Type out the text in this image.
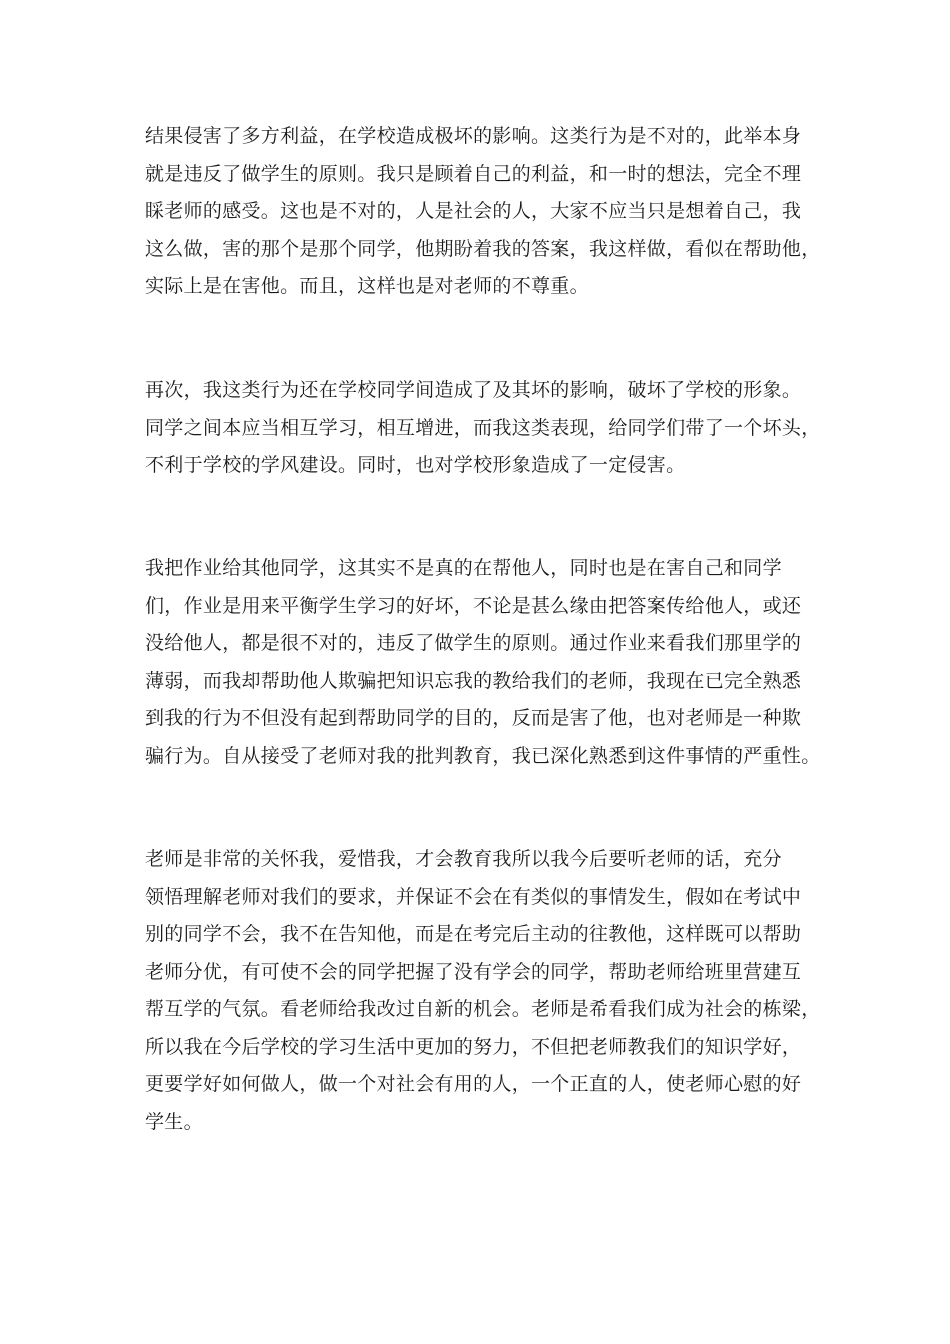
结果侵害了多方利益，在学校造成极坏的影响。这类行为是不对的，此举本身
就是违反了做学生的原则。我只是顾着自己的利益，和一时的想法，完全不理
睬老师的感受。这也是不对的，人是社会的人，大家不应当只是想着自己，我
这么做，害的那个是那个同学，他期盼着我的答案，我这样做，看似在帮助他，
实际上是在害他。而且，这样也是对老师的不尊重。

再次，我这类行为还在学校同学间造成了及其坏的影响，破坏了学校的形象。
同学之间本应当相互学习，相互增进，而我这类表现，给同学们带了一个坏头，
不利于学校的学风建设。同时，也对学校形象造成了一定侵害。

我把作业给其他同学，这其实不是真的在帮他人，同时也是在害自己和同学
们，作业是用来平衡学生学习的好坏，不论是甚么缘由把答案传给他人，或还
没给他人，都是很不对的，违反了做学生的原则。通过作业来看我们那里学的
薄弱，而我却帮助他人欺骗把知识忘我的教给我们的老师，我现在已完全熟悉
到我的行为不但没有起到帮助同学的目的，反而是害了他，也对老师是一种欺
骗行为。自从接受了老师对我的批判教育，我已深化熟悉到这件事情的严重性。

老师是非常的关怀我，爱惜我，才会教育我所以我今后要听老师的话，充分
领悟理解老师对我们的要求，并保证不会在有类似的事情发生，假如在考试中
别的同学不会，我不在告知他，而是在考完后主动的往教他，这样既可以帮助
老师分优，有可使不会的同学把握了没有学会的同学，帮助老师给班里营建互
帮互学的气氛。看老师给我改过自新的机会。老师是希看我们成为社会的栋梁，
所以我在今后学校的学习生活中更加的努力，不但把老师教我们的知识学好，
更要学好如何做人，做一个对社会有用的人，一个正直的人，使老师心慰的好
学生。
